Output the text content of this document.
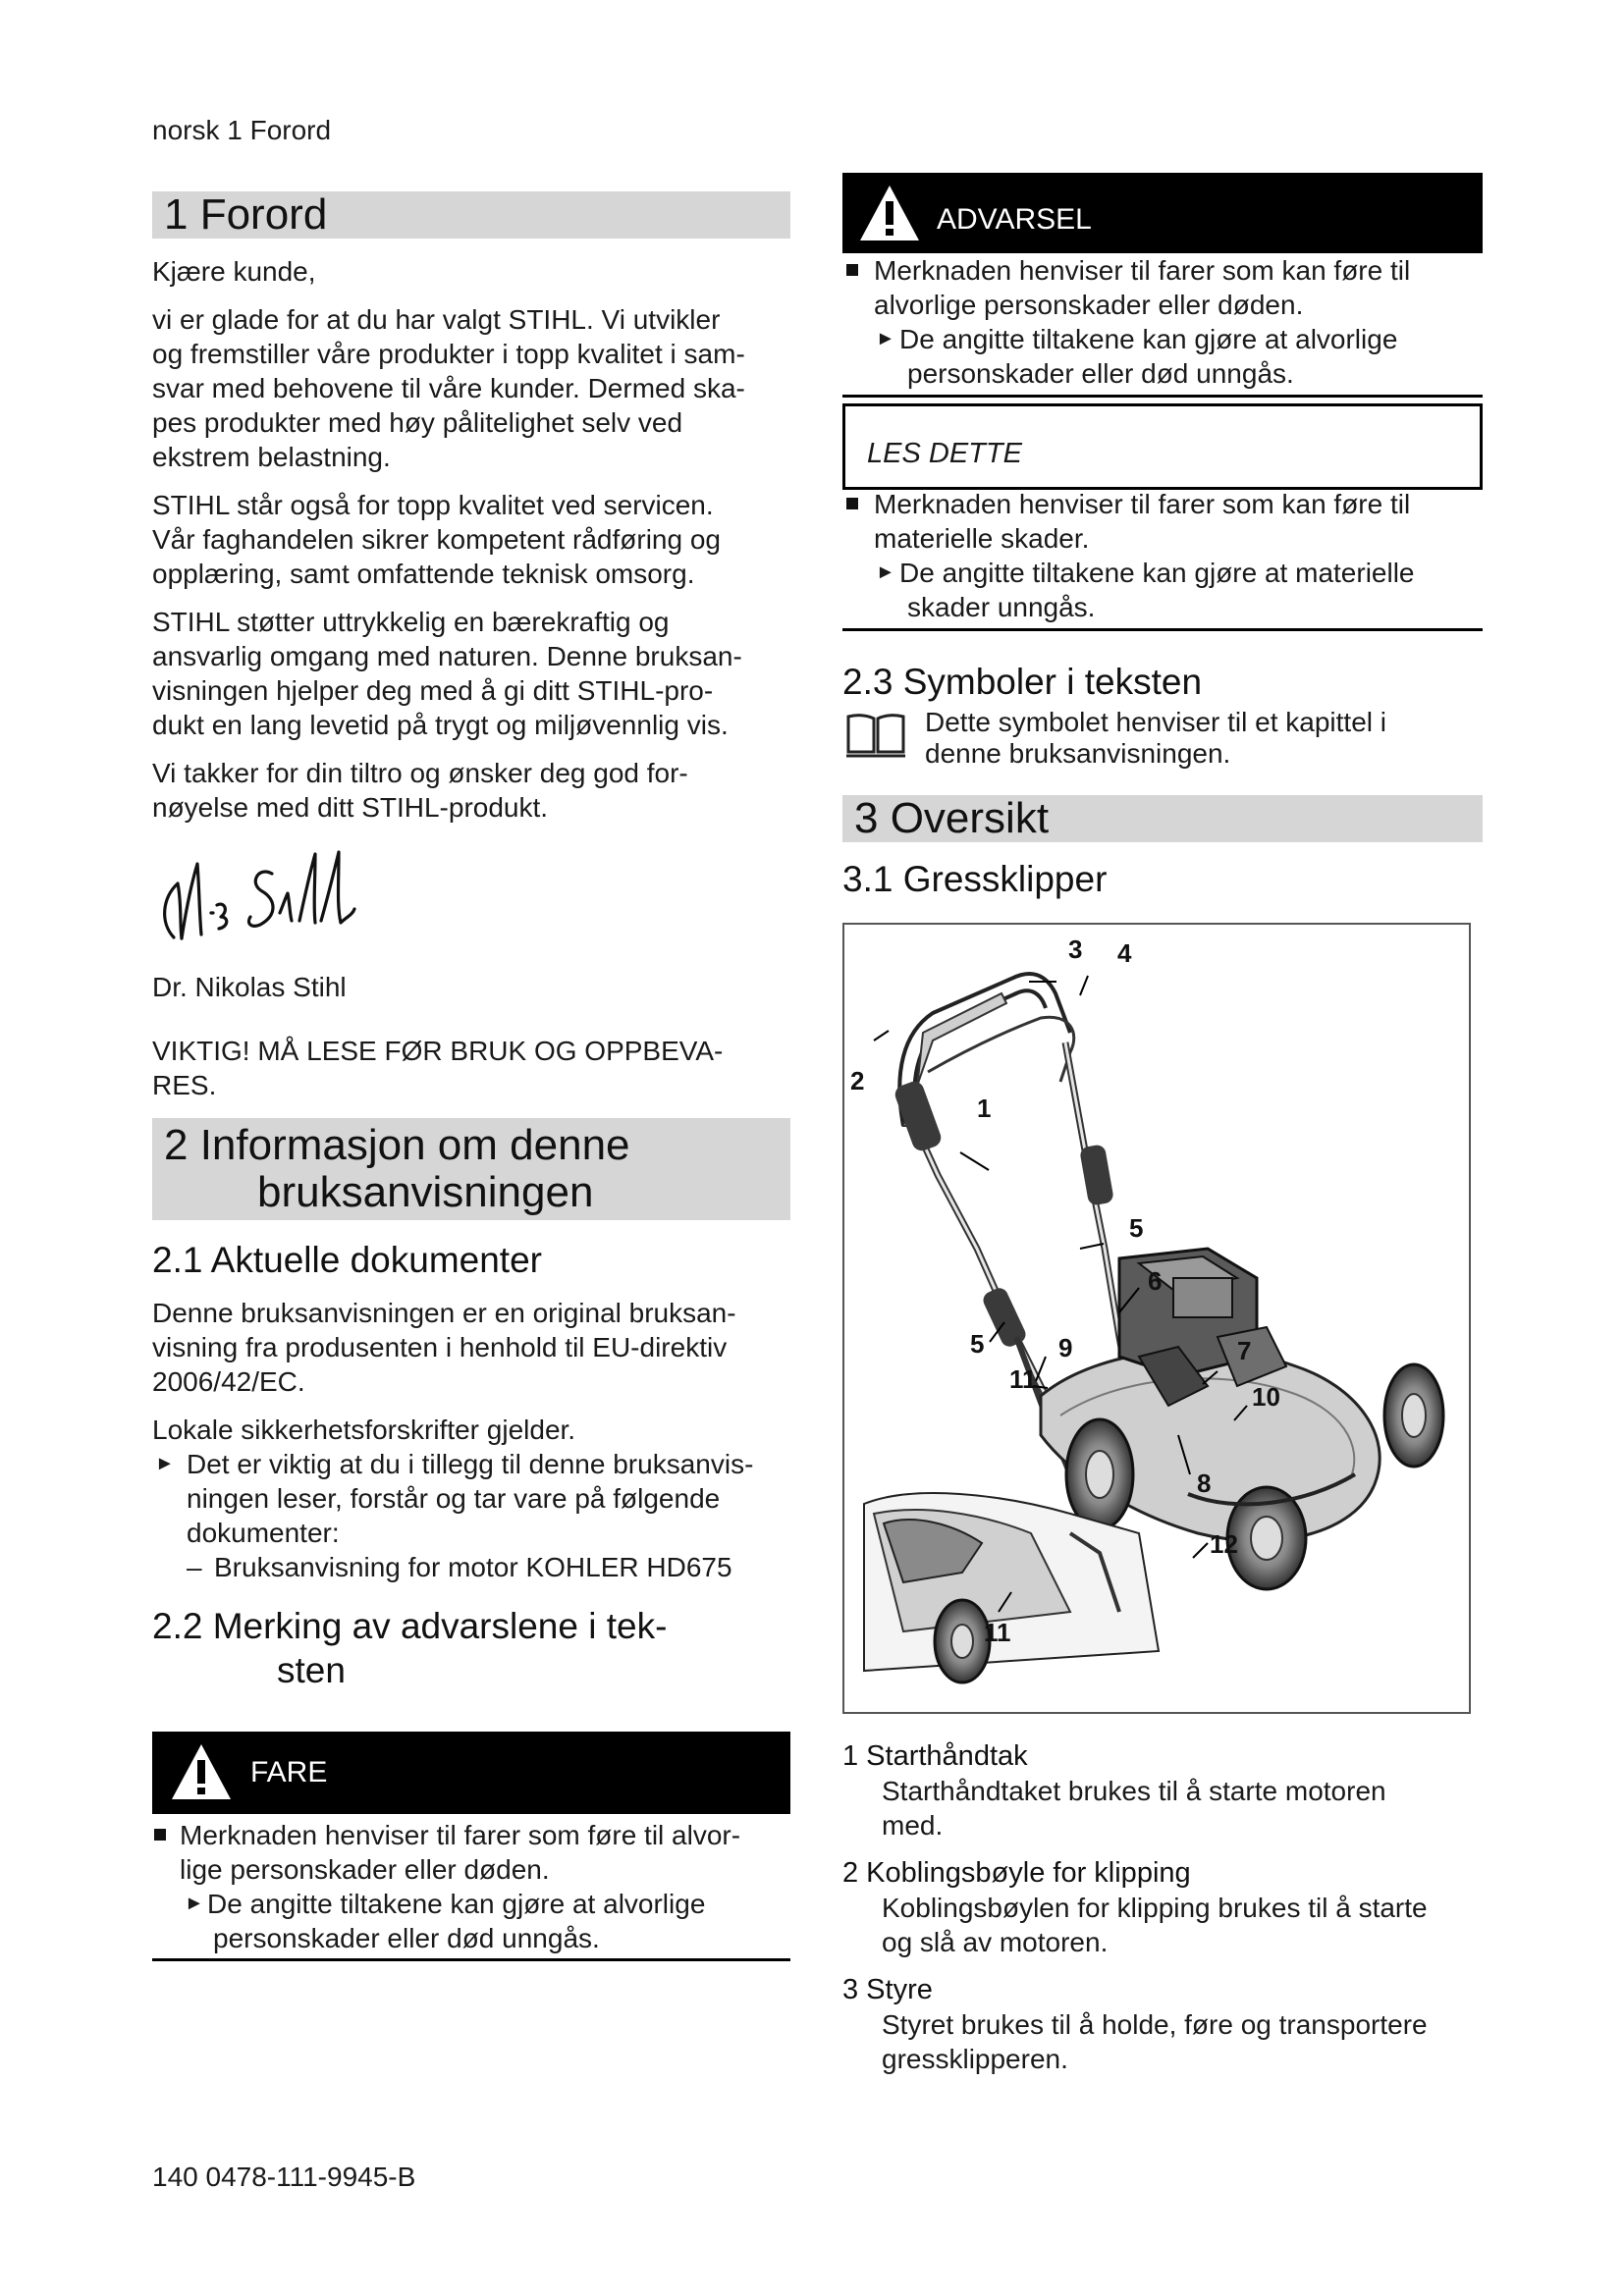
norsk 1 Forord
1 Forord

Kjære kunde,

vi er glade for at du har valgt STIHL. Vi utvikler

og fremstiller våre produkter i topp kvalitet i sam-

svar med behovene til våre kunder. Dermed ska-

pes produkter med høy pålitelighet selv ved

ekstrem belastning.

STIHL står også for topp kvalitet ved servicen.

Vår faghandelen sikrer kompetent rådføring og

opplæring, samt omfattende teknisk omsorg.

STIHL støtter uttrykkelig en bærekraftig og

ansvarlig omgang med naturen. Denne bruksan-

visningen hjelper deg med å gi ditt STIHL-pro-

dukt en lang levetid på trygt og miljøvennlig vis.

Vi takker for din tiltro og ønsker deg god for-

nøyelse med ditt STIHL-produkt.

Dr. Nikolas Stihl

VIKTIG! MÅ LESE FØR BRUK OG OPPBEVA-

RES.

2 Informasjon om denne
bruksanvisningen
2.1 Aktuelle dokumenter

Denne bruksanvisningen er en original bruksan-

visning fra produsenten i henhold til EU-direktiv

2006/42/EC.

Lokale sikkerhetsforskrifter gjelder.

► Det er viktig at du i tillegg til denne bruksanvis-

ningen leser, forstår og tar vare på følgende

dokumenter:

– Bruksanvisning for motor KOHLER HD675

2.2 Merking av advarslene i tek-
sten
FARE

Merknaden henviser til farer som føre til alvor-

lige personskader eller døden.

► De angitte tiltakene kan gjøre at alvorlige

personskader eller død unngås.

ADVARSEL

Merknaden henviser til farer som kan føre til

alvorlige personskader eller døden.

► De angitte tiltakene kan gjøre at alvorlige

personskader eller død unngås.

LES DETTE

Merknaden henviser til farer som kan føre til

materielle skader.

► De angitte tiltakene kan gjøre at materielle

skader unngås.

2.3 Symboler i teksten

Dette symbolet henviser til et kapittel i

denne bruksanvisningen.

3 Oversikt
3.1 Gressklipper
1
2
3 4
5
5
6
7
8
9
10
11
11
12

1 Starthåndtak

Starthåndtaket brukes til å starte motoren

med.

2 Koblingsbøyle for klipping

Koblingsbøylen for klipping brukes til å starte

og slå av motoren.

3 Styre

Styret brukes til å holde, føre og transportere

gressklipperen.

140 0478-111-9945-B
